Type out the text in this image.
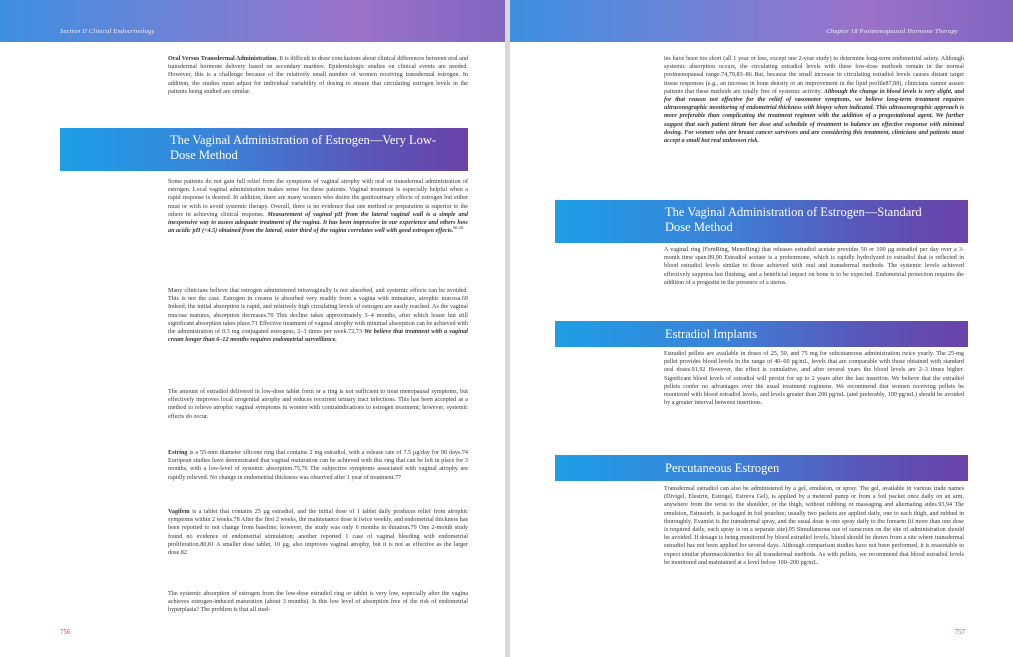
Section II Clinical Endocrinology

Oral Versus Transdermal Administration. It is difficult to draw conclusions about clinical differences between oral and transdermal hormone delivery based on secondary markers. Epidemiologic studies on clinical events are needed. However, this is a challenge because of the relatively small number of women receiving transdermal estrogen. In addition, the studies must adjust for individual variability of dosing to ensure that circulating estrogen levels in the patients being studied are similar.

The Vaginal Administration of Estrogen—Very Low-Dose Method

Some patients do not gain full relief from the symptoms of vaginal atrophy with oral or transdermal administration of estrogen. Local vaginal administration makes sense for these patients. Vaginal treatment is especially helpful when a rapid response is desired. In addition, there are many women who desire the genitourinary effects of estrogen but either must or wish to avoid systemic therapy. Overall, there is no evidence that one method or preparation is superior to the others in achieving clinical response. Measurement of vaginal pH from the lateral vaginal wall is a simple and inexpensive way to assess adequate treatment of the vagina. It has been impressive in our experience and others how an acidic pH (<4.5) obtained from the lateral, outer third of the vagina correlates well with good estrogen effects.$^{66-68}$

Many clinicians believe that estrogen administered intravaginally is not absorbed, and systemic effects can be avoided. This is not the case. Estrogen in creams is absorbed very readily from a vagina with immature, atrophic mucosa.69 Indeed, the initial absorption is rapid, and relatively high circulating levels of estrogen are easily reached. As the vaginal mucosa matures, absorption decreases.70 This decline takes approximately 3–4 months, after which lesser but still significant absorption takes place.71 Effective treatment of vaginal atrophy with minimal absorption can be achieved with the administration of 0.3 mg conjugated estrogens, 2–3 times per week.72,73 We believe that treatment with a vaginal cream longer than 6–12 months requires endometrial surveillance.

The amount of estradiol delivered in low-dose tablet form or a ring is not sufficient to treat menopausal symptoms, but effectively improves local urogenital atrophy and reduces recurrent urinary tract infections. This has been accepted as a method to relieve atrophic vaginal symptoms in women with contraindications to estrogen treatment; however, systemic effects do occur.

Estring is a 55-mm diameter silicone ring that contains 2 mg estradiol, with a release rate of 7.5 μg/day for 90 days.74 European studies have demonstrated that vaginal maturation can be achieved with this ring that can be left in place for 3 months, with a low-level of systemic absorption.75,76 The subjective symptoms associated with vaginal atrophy are rapidly relieved. No change in endometrial thickness was observed after 1 year of treatment.77

Vagifem is a tablet that contains 25 μg estradiol, and the initial dose of 1 tablet daily produces relief from atrophic symptoms within 2 weeks.78 After the first 2 weeks, the maintenance dose is twice weekly, and endometrial thickness has been reported to not change from baseline; however, the study was only 6 months in duration.79 One 2-month study found no evidence of endometrial stimulation; another reported 1 case of vaginal bleeding with endometrial proliferation.80,81 A smaller dose tablet, 10 μg, also improves vaginal atrophy, but it is not as effective as the larger dose.82

The systemic absorption of estrogen from the low-dose estradiol ring or tablet is very low, especially after the vagina achieves estrogen-induced maturation (about 3 months). Is this low level of absorption free of the risk of endometrial hyperplasia? The problem is that all stud-

756
Chapter 18 Postmenopausal Hormone Therapy
757

ies have been too short (all 1 year or less, except one 2-year study) to determine long-term endometrial safety. Although systemic absorption occurs, the circulating estradiol levels with these low-dose methods remain in the normal postmenopausal range.74,79,83–86 But, because the small increase in circulating estradiol levels causes distant target tissue responses (e.g., an increase in bone density or an improvement in the lipid profile87,88), clinicians cannot assure patients that these methods are totally free of systemic activity. Although the change in blood levels is very slight, and for that reason not effective for the relief of vasomotor symptoms, we believe long-term treatment requires ultrasonographic monitoring of endometrial thickness with biopsy when indicated. This ultrasonographic approach is more preferable than complicating the treatment regimen with the addition of a progestational agent. We further suggest that each patient titrate her dose and schedule of treatment to balance an effective response with minimal dosing. For women who are breast cancer survivors and are considering this treatment, clinicians and patients must accept a small but real unknown risk.

The Vaginal Administration of Estrogen—Standard Dose Method

A vaginal ring (FemRing, MenoRing) that releases estradiol acetate provides 50 or 100 μg estradiol per day over a 3-month time span.89,90 Estradiol acetate is a prohormone, which is rapidly hydrolyzed to estradiol that is reflected in blood estradiol levels similar to those achieved with oral and transdermal methods. The systemic levels achieved effectively suppress hot flushing, and a beneficial impact on bone is to be expected. Endometrial protection requires the addition of a progestin in the presence of a uterus.

Estradiol Implants

Estradiol pellets are available in doses of 25, 50, and 75 mg for subcutaneous administration twice yearly. The 25-mg pellet provides blood levels in the range of 40–60 pg/mL, levels that are comparable with those obtained with standard oral doses.91,92 However, the effect is cumulative, and after several years the blood levels are 2–3 times higher. Significant blood levels of estradiol will persist for up to 2 years after the last insertion. We believe that the estradiol pellets confer no advantages over the usual treatment regimens. We recommend that women receiving pellets be monitored with blood estradiol levels, and levels greater than 200 pg/mL (and preferably, 100 pg/mL) should be avoided by a greater interval between insertions.

Percutaneous Estrogen

Transdermal estradiol can also be administered by a gel, emulsion, or spray. The gel, available in various trade names (Divigel, Elestrin, Estrogel, Estreva Gel), is applied by a metered pump or from a foil packet once daily on an arm, anywhere from the wrist to the shoulder, or the thigh, without rubbing or massaging and alternating sides.93,94 The emulsion, Estrasorb, is packaged in foil pouches; usually two packets are applied daily, one to each thigh, and rubbed in thoroughly. Evamist is the transdermal spray, and the usual dose is one spray daily to the forearm (if more than one dose is required daily, each spray is on a separate site).95 Simultaneous use of sunscreen on the site of administration should be avoided. If dosage is being monitored by blood estradiol levels, blood should be drawn from a site where transdermal estradiol has not been applied for several days. Although comparison studies have not been performed, it is reasonable to expect similar pharmacokinetics for all transdermal methods. As with pellets, we recommend that blood estradiol levels be monitored and maintained at a level below 100–200 pg/mL.
